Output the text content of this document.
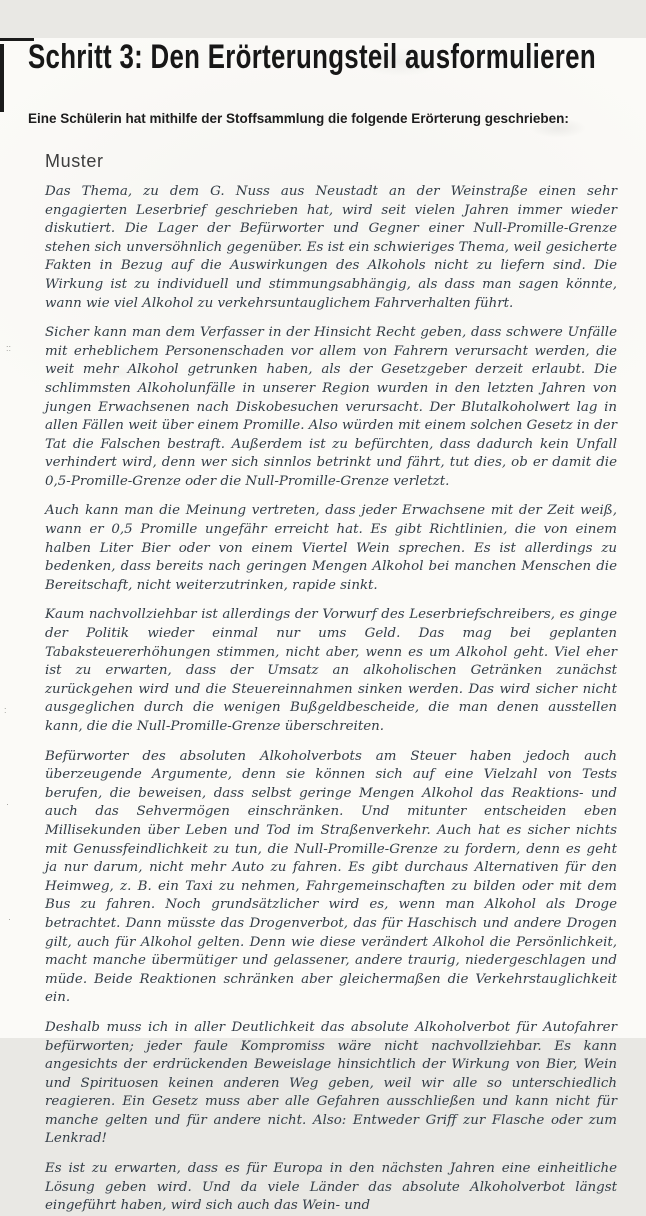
::
:
·
·
Schritt 3: Den Erörterungsteil ausformulieren
Eine Schülerin hat mithilfe der Stoffsammlung die folgende Erörterung geschrieben:
Muster

Das Thema, zu dem G. Nuss aus Neustadt an der Weinstraße einen sehr engagierten Leserbrief geschrieben hat, wird seit vielen Jahren immer wieder diskutiert. Die Lager der Befürworter und Gegner einer Null-Promille-Grenze stehen sich unversöhnlich gegenüber. Es ist ein schwieriges Thema, weil gesicherte Fakten in Bezug auf die Auswirkungen des Alkohols nicht zu liefern sind. Die Wirkung ist zu individuell und stimmungsabhängig, als dass man sagen könnte, wann wie viel Alkohol zu verkehrsuntauglichem Fahrverhalten führt.

Sicher kann man dem Verfasser in der Hinsicht Recht geben, dass schwere Unfälle mit erheblichem Personenschaden vor allem von Fahrern verursacht werden, die weit mehr Alkohol getrunken haben, als der Gesetzgeber derzeit erlaubt. Die schlimmsten Alkoholunfälle in unserer Region wurden in den letzten Jahren von jungen Erwachsenen nach Diskobesuchen verursacht. Der Blutalkoholwert lag in allen Fällen weit über einem Promille. Also würden mit einem solchen Gesetz in der Tat die Falschen bestraft. Außerdem ist zu befürchten, dass dadurch kein Unfall verhindert wird, denn wer sich sinnlos betrinkt und fährt, tut dies, ob er damit die 0,5-Promille-Grenze oder die Null-Promille-Grenze verletzt.

Auch kann man die Meinung vertreten, dass jeder Erwachsene mit der Zeit weiß, wann er 0,5 Promille ungefähr erreicht hat. Es gibt Richtlinien, die von einem halben Liter Bier oder von einem Viertel Wein sprechen. Es ist allerdings zu bedenken, dass bereits nach geringen Mengen Alkohol bei manchen Menschen die Bereitschaft, nicht weiterzutrinken, rapide sinkt.

Kaum nachvollziehbar ist allerdings der Vorwurf des Leserbriefschreibers, es ginge der Politik wieder einmal nur ums Geld. Das mag bei geplanten Tabaksteuererhöhungen stimmen, nicht aber, wenn es um Alkohol geht. Viel eher ist zu erwarten, dass der Umsatz an alkoholischen Getränken zunächst zurückgehen wird und die Steuereinnahmen sinken werden. Das wird sicher nicht ausgeglichen durch die wenigen Bußgeldbescheide, die man denen ausstellen kann, die die Null-Promille-Grenze überschreiten.

Befürworter des absoluten Alkoholverbots am Steuer haben jedoch auch überzeugende Argumente, denn sie können sich auf eine Vielzahl von Tests berufen, die beweisen, dass selbst geringe Mengen Alkohol das Reaktions- und auch das Sehvermögen einschränken. Und mitunter entscheiden eben Millisekunden über Leben und Tod im Straßenverkehr. Auch hat es sicher nichts mit Genussfeindlichkeit zu tun, die Null-Promille-Grenze zu fordern, denn es geht ja nur darum, nicht mehr Auto zu fahren. Es gibt durchaus Alternativen für den Heimweg, z. B. ein Taxi zu nehmen, Fahrgemeinschaften zu bilden oder mit dem Bus zu fahren. Noch grundsätzlicher wird es, wenn man Alkohol als Droge betrachtet. Dann müsste das Drogenverbot, das für Haschisch und andere Drogen gilt, auch für Alkohol gelten. Denn wie diese verändert Alkohol die Persönlichkeit, macht manche übermütiger und gelassener, andere traurig, niedergeschlagen und müde. Beide Reaktionen schränken aber gleichermaßen die Verkehrstauglichkeit ein.

Deshalb muss ich in aller Deutlichkeit das absolute Alkoholverbot für Autofahrer befürworten; jeder faule Kompromiss wäre nicht nachvollziehbar. Es kann angesichts der erdrückenden Beweislage hinsichtlich der Wirkung von Bier, Wein und Spirituosen keinen anderen Weg geben, weil wir alle so unterschiedlich reagieren. Ein Gesetz muss aber alle Gefahren ausschließen und kann nicht für manche gelten und für andere nicht. Also: Entweder Griff zur Flasche oder zum Lenkrad!

Es ist zu erwarten, dass es für Europa in den nächsten Jahren eine einheitliche Lösung geben wird. Und da viele Länder das absolute Alkoholverbot längst eingeführt haben, wird sich auch das Wein- und
